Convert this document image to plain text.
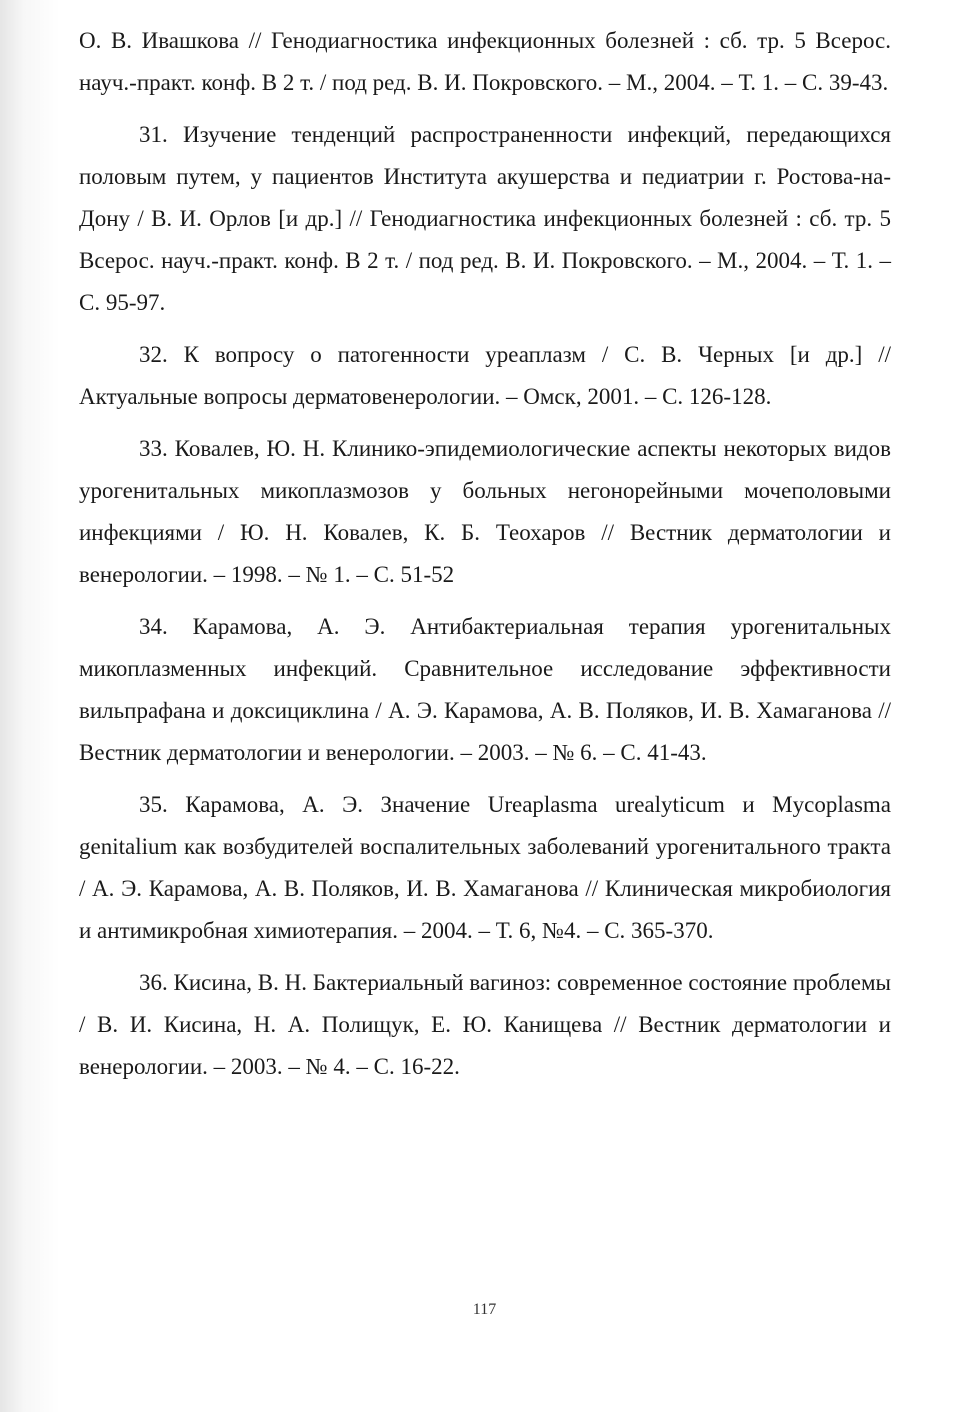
О. В. Ивашкова // Генодиагностика инфекционных болезней : сб. тр. 5 Всерос. науч.-практ. конф. В 2 т. / под ред. В. И. Покровского. – М., 2004. – Т. 1. – С. 39-43.

31. Изучение тенденций распространенности инфекций, передающихся половым путем, у пациентов Института акушерства и педиатрии г. Ростова-на-Дону / В. И. Орлов [и др.] // Генодиагностика инфекционных болезней : сб. тр. 5 Всерос. науч.-практ. конф. В 2 т. / под ред. В. И. Покровского. – М., 2004. – Т. 1. – С. 95-97.

32. К вопросу о патогенности уреаплазм / С. В. Черных [и др.] // Актуальные вопросы дерматовенерологии. – Омск, 2001. – С. 126-128.

33. Ковалев, Ю. Н. Клинико-эпидемиологические аспекты некоторых видов урогенитальных микоплазмозов у больных негонорейными мочеполовыми инфекциями / Ю. Н. Ковалев, К. Б. Теохаров // Вестник дерматологии и венерологии. – 1998. – № 1. – С. 51-52

34. Карамова, А. Э. Антибактериальная терапия урогенитальных микоплазменных инфекций. Сравнительное исследование эффективности вильпрафана и доксициклина / А. Э. Карамова, А. В. Поляков, И. В. Хамаганова // Вестник дерматологии и венерологии. – 2003. – № 6. – С. 41-43.

35. Карамова, А. Э. Значение Ureaplasma urealyticum и Mycoplasma genitalium как возбудителей воспалительных заболеваний урогенитального тракта / А. Э. Карамова, А. В. Поляков, И. В. Хамаганова // Клиническая микробиология и антимикробная химиотерапия. – 2004. – Т. 6, №4. – С. 365-370.

36. Кисина, В. Н. Бактериальный вагиноз: современное состояние проблемы / В. И. Кисина, Н. А. Полищук, Е. Ю. Канищева // Вестник дерматологии и венерологии. – 2003. – № 4. – С. 16-22.

117
